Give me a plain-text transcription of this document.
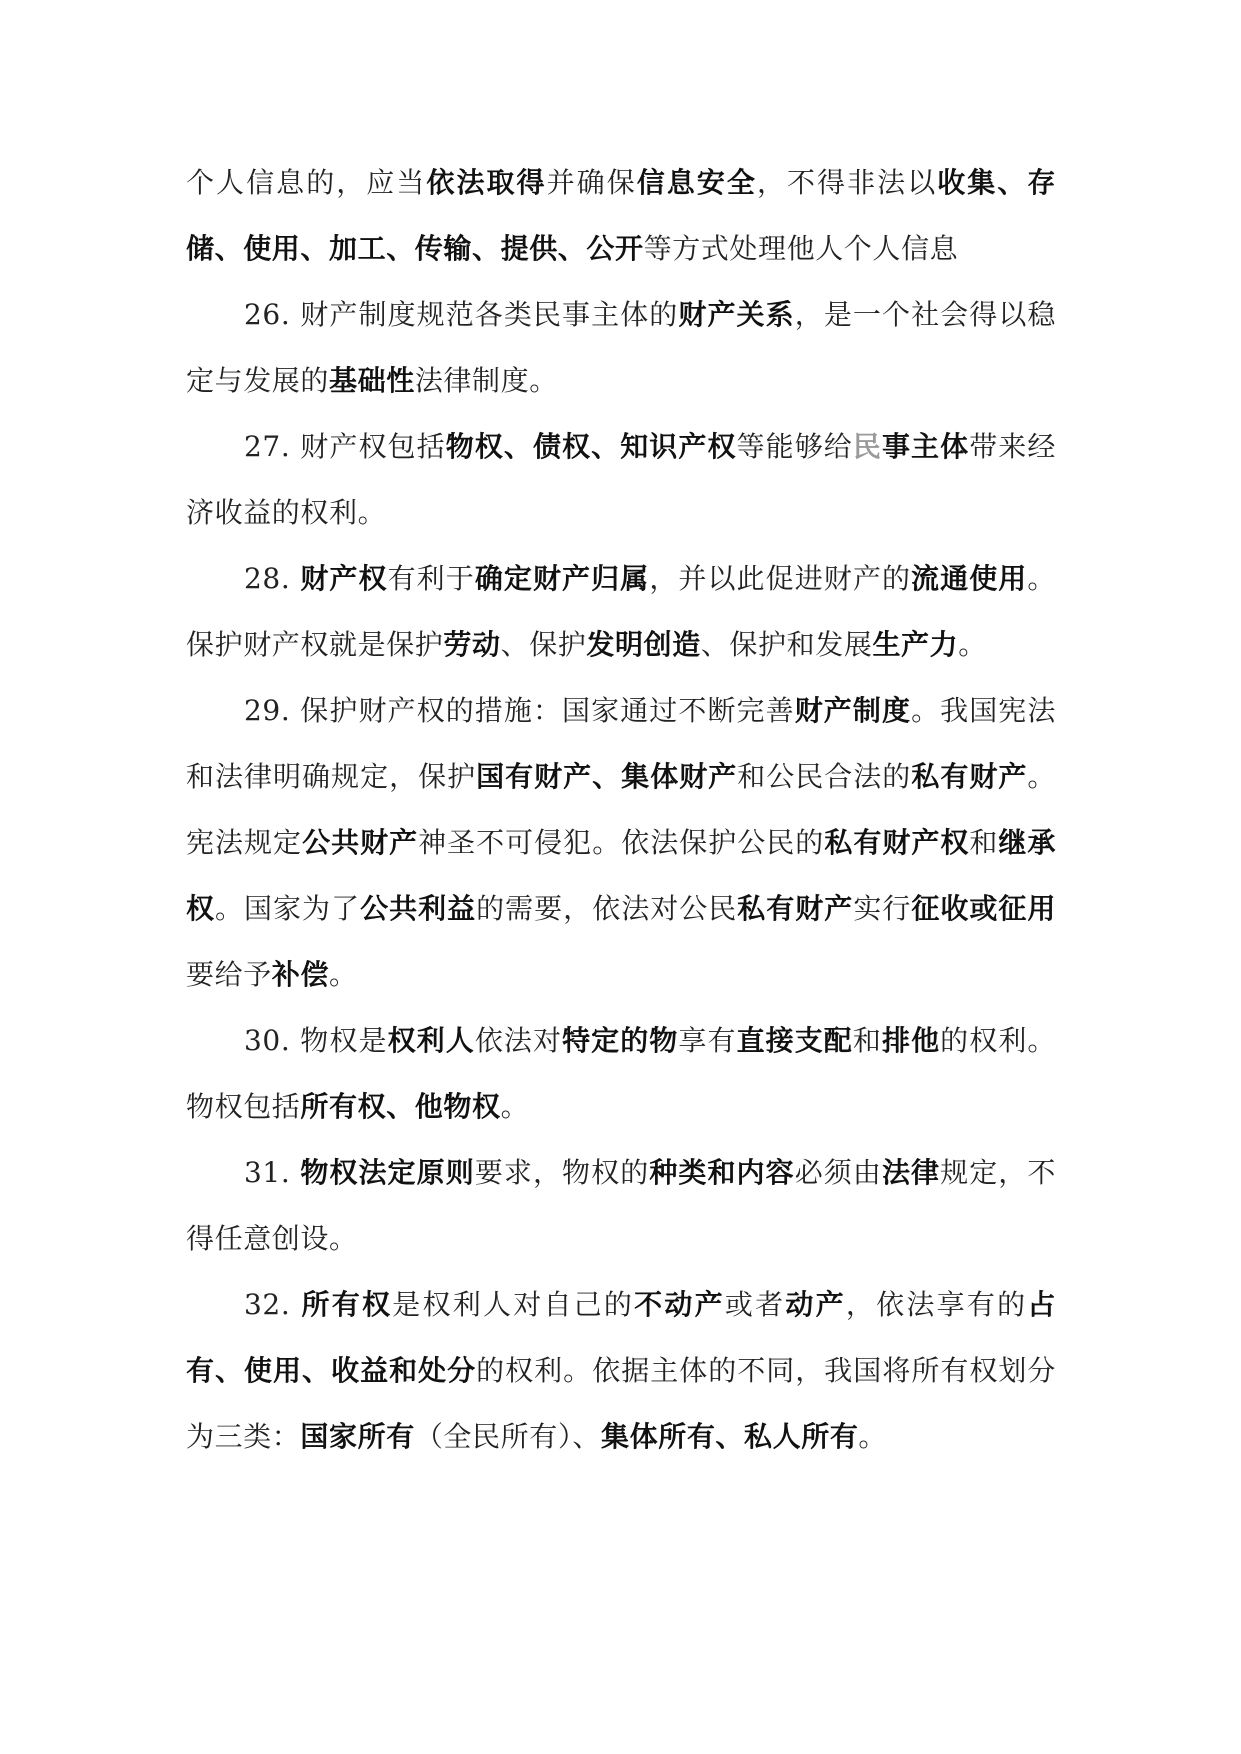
个人信息的，应当依法取得并确保信息安全，不得非法以收集、存储、使用、加工、传输、提供、公开等方式处理他人个人信息

26. 财产制度规范各类民事主体的财产关系，是一个社会得以稳定与发展的基础性法律制度。

27. 财产权包括物权、债权、知识产权等能够给民事主体带来经济收益的权利。

28. 财产权有利于确定财产归属，并以此促进财产的流通使用。保护财产权就是保护劳动、保护发明创造、保护和发展生产力。

29. 保护财产权的措施：国家通过不断完善财产制度。我国宪法和法律明确规定，保护国有财产、集体财产和公民合法的私有财产。宪法规定公共财产神圣不可侵犯。依法保护公民的私有财产权和继承权。国家为了公共利益的需要，依法对公民私有财产实行征收或征用要给予补偿。

30. 物权是权利人依法对特定的物享有直接支配和排他的权利。物权包括所有权、他物权。

31. 物权法定原则要求，物权的种类和内容必须由法律规定，不得任意创设。

32. 所有权是权利人对自己的不动产或者动产，依法享有的占有、使用、收益和处分的权利。依据主体的不同，我国将所有权划分为三类：国家所有（全民所有）、集体所有、私人所有。
